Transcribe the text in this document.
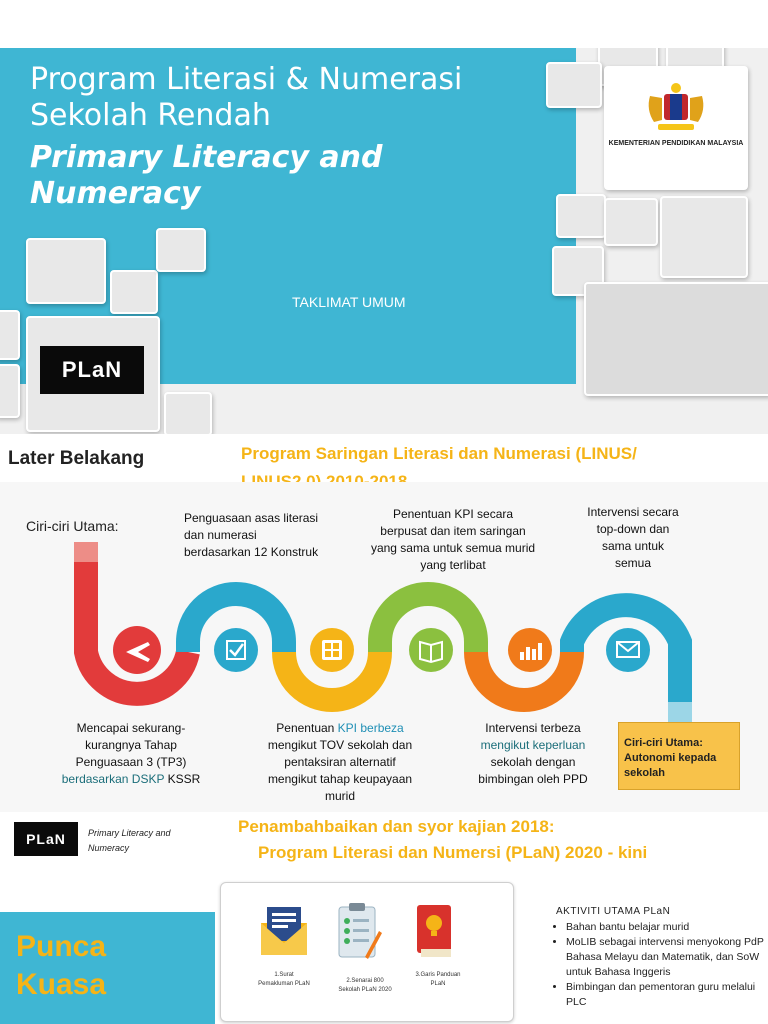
Program Literasi & Numerasi
Sekolah Rendah
Primary Literacy and
Numeracy
TAKLIMAT UMUM
KEMENTERIAN PENDIDIKAN MALAYSIA
PLaN
Later Belakang	Program Saringan Literasi dan Numerasi (LINUS/

Ciri-ciri Utama:	Penguasaan asas literasi
dan numerasi
berdasarkan 12 Konstruk
Penentuan KPI secara
berpusat dan item saringan
yang sama untuk semua murid
yang terlibat
Intervensi secara
top-down dan
sama untuk
semua
Mencapai sekurang-
kurangnya Tahap
Penguasaan 3 (TP3)
berdasarkan DSKP KSSR
Penentuan KPI berbeza
mengikut TOV sekolah dan
pentaksiran alternatif
mengikut tahap keupayaan
murid
Intervensi terbeza
mengikut keperluan
sekolah dengan
bimbingan oleh PPD
Ciri-ciri Utama:
Autonomi kepada sekolah
PLaN Primary Literacy and
Numeracy
Penambahbaikan dan syor kajian 2018:
Program Literasi dan Numersi (PLaN) 2020 - kini
Punca
Kuasa	1.Surat
Pemakluman PLaN	2.Senarai 800
Sekolah PLaN 2020
3.Garis Panduan
PLaN
AKTIVITI UTAMA PLaN
• Bahan bantu belajar murid
• MoLIB sebagai intervensi menyokong PdP Bahasa Melayu dan Matematik, dan SoW untuk Bahasa Inggeris
• Bimbingan dan pementoran guru melalui PLC
